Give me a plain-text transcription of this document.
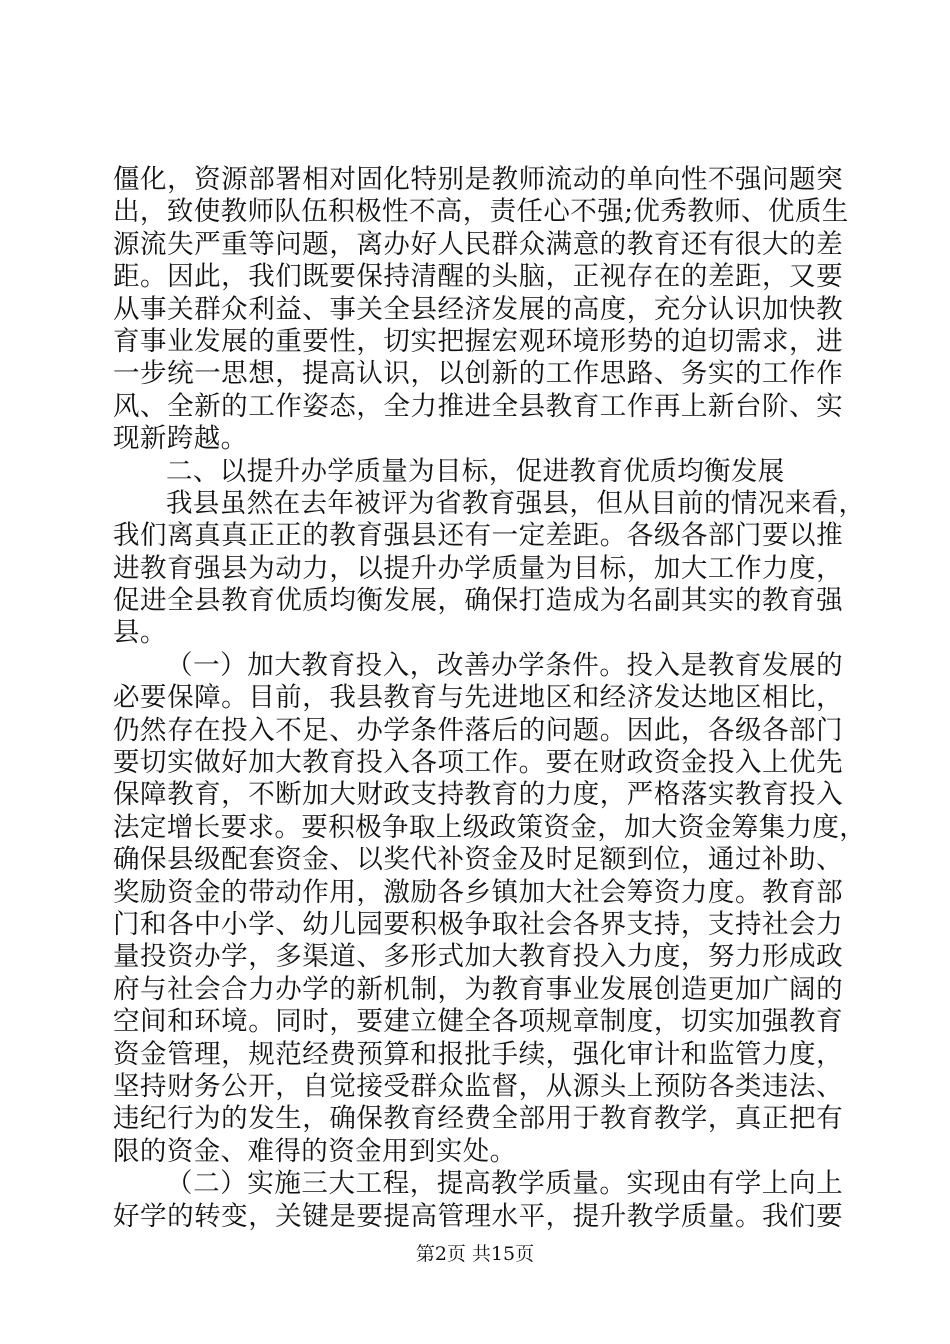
僵化，资源部署相对固化特别是教师流动的单向性不强问题突
出，致使教师队伍积极性不高，责任心不强;优秀教师、优质生
源流失严重等问题，离办好人民群众满意的教育还有很大的差
距。因此，我们既要保持清醒的头脑，正视存在的差距，又要
从事关群众利益、事关全县经济发展的高度，充分认识加快教
育事业发展的重要性，切实把握宏观环境形势的迫切需求，进
一步统一思想，提高认识，以创新的工作思路、务实的工作作
风、全新的工作姿态，全力推进全县教育工作再上新台阶、实
现新跨越。
二、以提升办学质量为目标，促进教育优质均衡发展
我县虽然在去年被评为省教育强县，但从目前的情况来看，
我们离真真正正的教育强县还有一定差距。各级各部门要以推
进教育强县为动力，以提升办学质量为目标，加大工作力度，
促进全县教育优质均衡发展，确保打造成为名副其实的教育强
县。
（一）加大教育投入，改善办学条件。投入是教育发展的
必要保障。目前，我县教育与先进地区和经济发达地区相比，
仍然存在投入不足、办学条件落后的问题。因此，各级各部门
要切实做好加大教育投入各项工作。要在财政资金投入上优先
保障教育，不断加大财政支持教育的力度，严格落实教育投入
法定增长要求。要积极争取上级政策资金，加大资金筹集力度，
确保县级配套资金、以奖代补资金及时足额到位，通过补助、
奖励资金的带动作用，激励各乡镇加大社会筹资力度。教育部
门和各中小学、幼儿园要积极争取社会各界支持，支持社会力
量投资办学，多渠道、多形式加大教育投入力度，努力形成政
府与社会合力办学的新机制，为教育事业发展创造更加广阔的
空间和环境。同时，要建立健全各项规章制度，切实加强教育
资金管理，规范经费预算和报批手续，强化审计和监管力度，
坚持财务公开，自觉接受群众监督，从源头上预防各类违法、
违纪行为的发生，确保教育经费全部用于教育教学，真正把有
限的资金、难得的资金用到实处。
（二）实施三大工程，提高教学质量。实现由有学上向上
好学的转变，关键是要提高管理水平，提升教学质量。我们要
第2页 共15页
